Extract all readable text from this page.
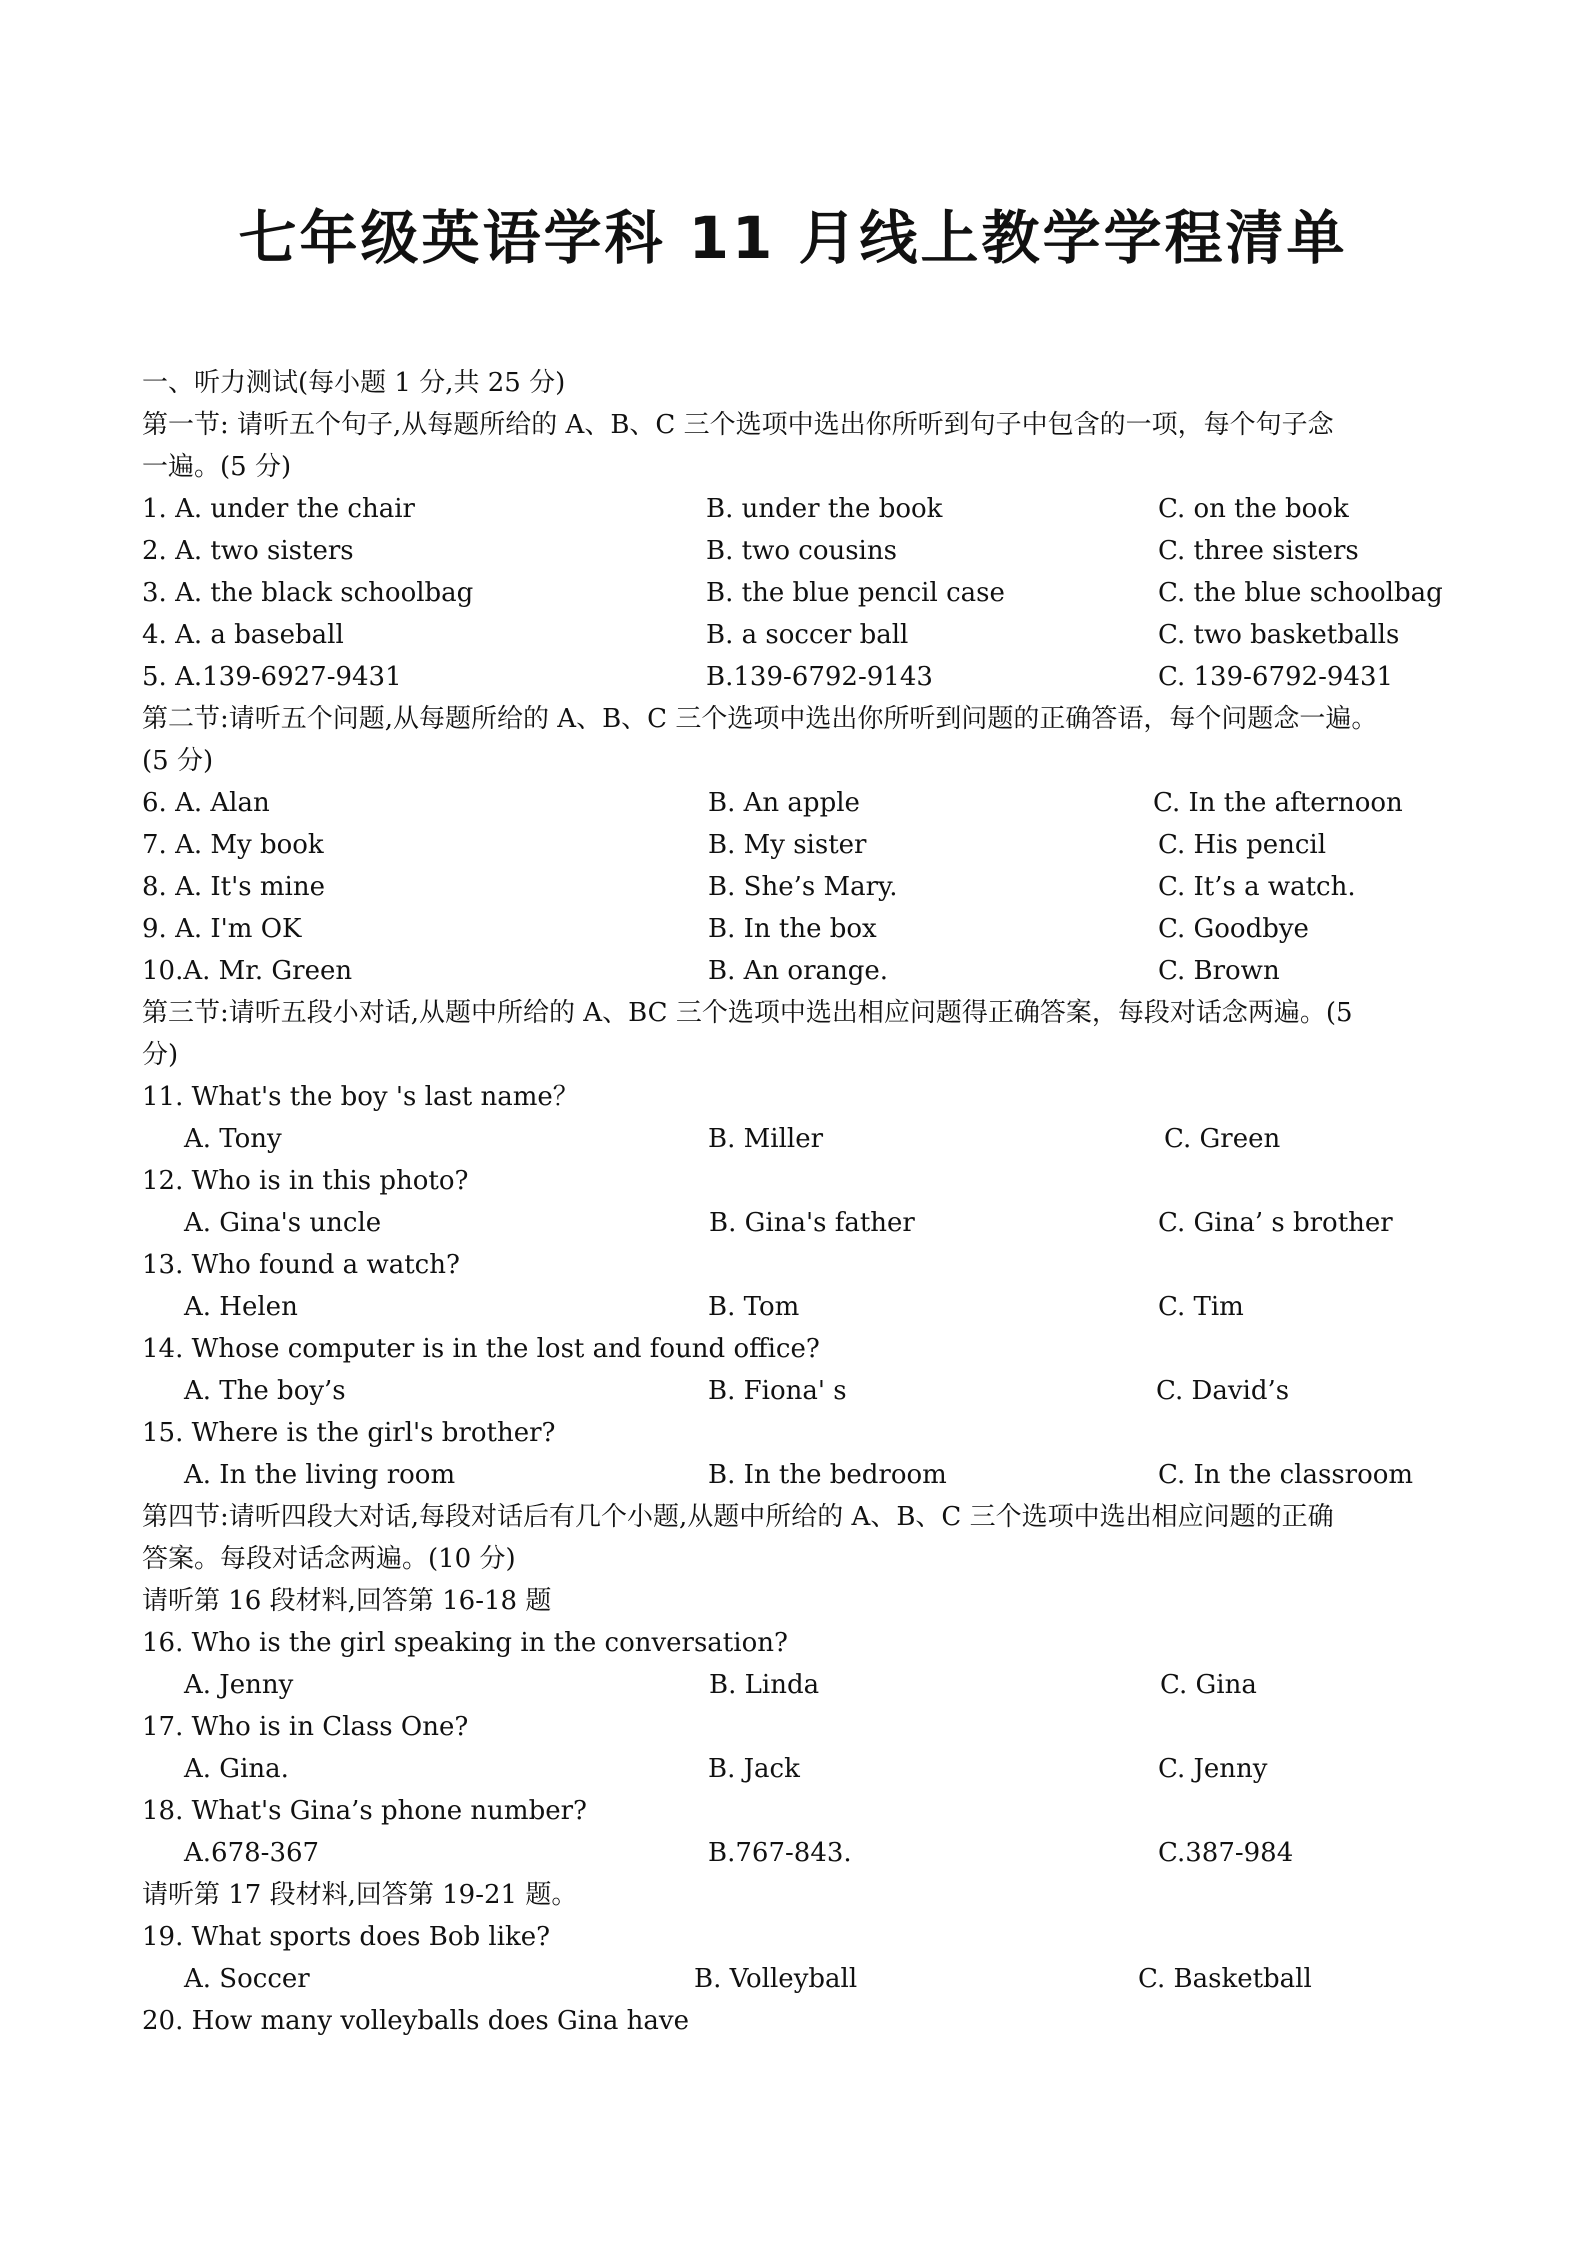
七年级英语学科 11 月线上教学学程清单
一、听力测试(每小题 1 分,共 25 分)
第一节: 请听五个句子,从每题所给的 A、B、C 三个选项中选出你所听到句子中包含的一项，每个句子念
一遍。(5 分)
1. A. under the chair	B. under the book	C. on the book
2. A. two sisters	B. two cousins	C. three sisters
3. A. the black schoolbag	B. the blue pencil case	C. the blue schoolbag
4. A. a baseball	B. a soccer ball	C. two basketballs
5. A.139-6927-9431	B.139-6792-9143	C. 139-6792-9431
第二节:请听五个问题,从每题所给的 A、B、C 三个选项中选出你所听到问题的正确答语，每个问题念一遍。
(5 分)
6. A. Alan	B. An apple	C. In the afternoon
7. A. My book	B. My sister	C. His pencil
8. A. It's mine	B. She’s Mary.	C. It’s a watch.
9. A. I'm OK	B. In the box	C. Goodbye
10.A. Mr. Green	B. An orange.	C. Brown
第三节:请听五段小对话,从题中所给的 A、BC 三个选项中选出相应问题得正确答案，每段对话念两遍。(5
分)
11. What's the boy 's last name？
A. Tony	B. Miller	C. Green
12. Who is in this photo?
A. Gina's uncle	B. Gina's father	C. Gina’ s brother
13. Who found a watch?
A. Helen	B. Tom	C. Tim
14. Whose computer is in the lost and found office?
A. The boy’s	B. Fiona' s	C. David’s
15. Where is the girl's brother?
A. In the living room	B. In the bedroom	C. In the classroom
第四节:请听四段大对话,每段对话后有几个小题,从题中所给的 A、B、C 三个选项中选出相应问题的正确
答案。每段对话念两遍。(10 分)
请听第 16 段材料,回答第 16-18 题
16. Who is the girl speaking in the conversation?
A. Jenny	B. Linda	C. Gina
17. Who is in Class One?
A. Gina.	B. Jack	C. Jenny
18. What's Gina’s phone number?
A.678-367	B.767-843.	C.387-984
请听第 17 段材料,回答第 19-21 题。
19. What sports does Bob like?
A. Soccer	B. Volleyball	C. Basketball
20. How many volleyballs does Gina have
